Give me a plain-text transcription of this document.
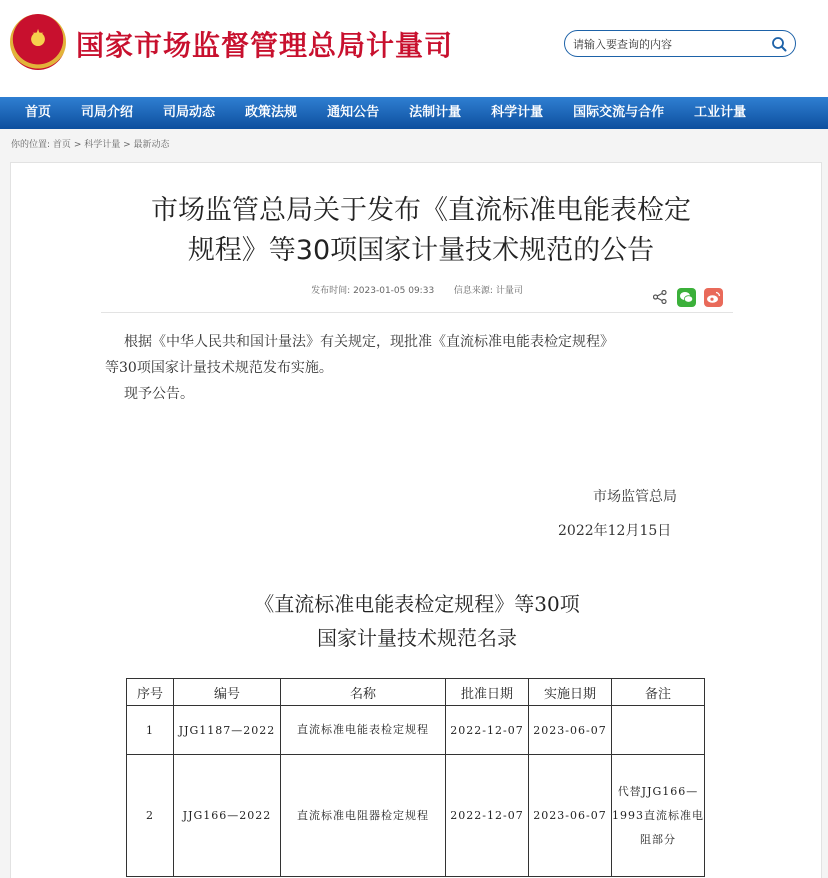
★	国家市场监督管理总局计量司
请输入要查询的内容
首页 司局介绍 司局动态 政策法规 通知公告 法制计量 科学计量 国际交流与合作 工业计量
你的位置: 首页 > 科学计量 > 最新动态
市场监管总局关于发布《直流标准电能表检定
规程》等30项国家计量技术规范的公告
发布时间: 2023-01-05 09:33 信息来源: 计量司
根据《中华人民共和国计量法》有关规定，现批准《直流标准电能表检定规程》
等30项国家计量技术规范发布实施。
现予公告。
市场监管总局
2022年12月15日
《直流标准电能表检定规程》等30项
国家计量技术规范名录
序号	编号	名称	批准日期	实施日期	备注
1	JJG1187—2022	直流标准电能表检定规程	2022-12-07	2023-06-07	
2	JJG166—2022	直流标准电阻器检定规程	2022-12-07	2023-06-07	代替JJG166—1993直流标准电阻部分
